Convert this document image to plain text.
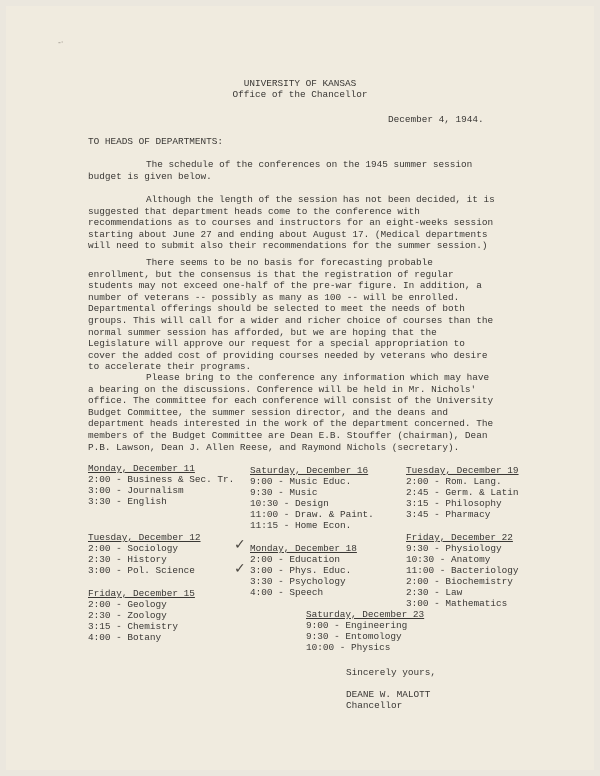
-·
UNIVERSITY OF KANSAS
Office of the Chancellor
December 4, 1944.
TO HEADS OF DEPARTMENTS:

The schedule of the conferences on the 1945 summer session budget is given below.

Although the length of the session has not been decided, it is suggested that department heads come to the conference with recommendations as to courses and instructors for an eight-weeks session starting about June 27 and ending about August 17. (Medical departments will need to submit also their recommendations for the summer session.)

There seems to be no basis for forecasting probable enrollment, but the consensus is that the registration of regular students may not exceed one-half of the pre-war figure. In addition, a number of veterans -- possibly as many as 100 -- will be enrolled. Departmental offerings should be selected to meet the needs of both groups. This will call for a wider and richer choice of courses than the normal summer session has afforded, but we are hoping that the Legislature will approve our request for a special appropriation to cover the added cost of providing courses needed by veterans who desire to accelerate their programs.

Please bring to the conference any information which may have a bearing on the discussions. Conference will be held in Mr. Nichols' office. The committee for each conference will consist of the University Budget Committee, the summer session director, and the deans and department heads interested in the work of the department concerned. The members of the Budget Committee are Dean E.B. Stouffer (chairman), Dean P.B. Lawson, Dean J. Allen Reese, and Raymond Nichols (secretary).

Monday, December 11
2:00 - Business & Sec. Tr.
3:00 - Journalism
3:30 - English
Tuesday, December 12
2:00 - Sociology
2:30 - History
3:00 - Pol. Science
Friday, December 15
2:00 - Geology
2:30 - Zoology
3:15 - Chemistry
4:00 - Botany
Saturday, December 16
9:00 - Music Educ.
9:30 - Music
10:30 - Design
11:00 - Draw. & Paint.
11:15 - Home Econ.
✓
✓
Monday, December 18
2:00 - Education
3:00 - Phys. Educ.
3:30 - Psychology
4:00 - Speech
Tuesday, December 19
2:00 - Rom. Lang.
2:45 - Germ. & Latin
3:15 - Philosophy
3:45 - Pharmacy
Friday, December 22
9:30 - Physiology
10:30 - Anatomy
11:00 - Bacteriology
2:00 - Biochemistry
2:30 - Law
3:00 - Mathematics
Saturday, December 23
9:00 - Engineering
9:30 - Entomology
10:00 - Physics
Sincerely yours,
DEANE W. MALOTT
Chancellor
